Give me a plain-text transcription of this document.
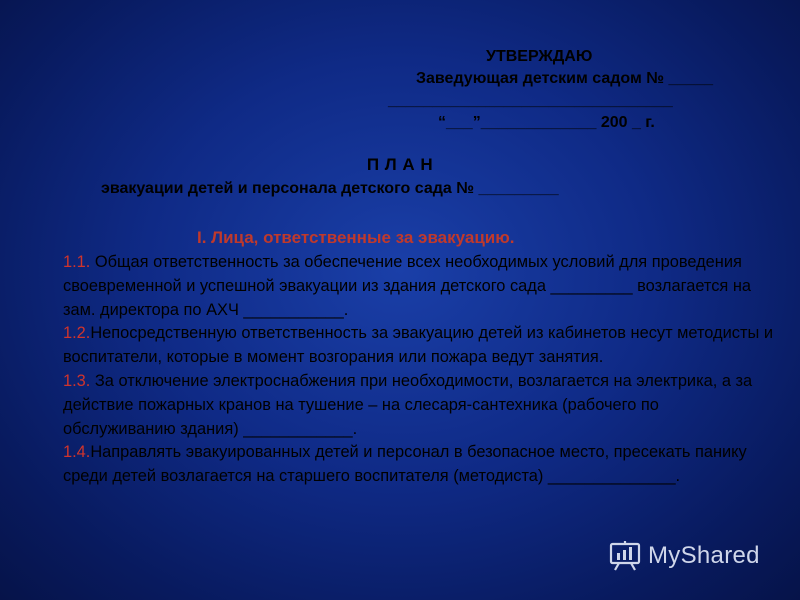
УТВЕРЖДАЮ
Заведующая детским садом № _____
________________________________
“___”_____________ 200 _ г.
П Л А Н
эвакуации детей и персонала детского сада № _________
I. Лица, ответственные за эвакуацию.

1.1. Общая ответственность за обеспечение всех необходимых условий для проведения своевременной и успешной эвакуации из здания детского сада _________ возлагается на зам. директора по АХЧ ___________.

1.2.Непосредственную ответственность за эвакуацию детей из кабинетов несут методисты и воспитатели, которые в момент возгорания или пожара ведут занятия.

1.3. За отключение электроснабжения при необходимости, возлагается на электрика, а за действие пожарных кранов на тушение – на слесаря-сантехника (рабочего по обслуживанию здания) ____________.

1.4.Направлять эвакуированных детей и персонал в безопасное место, пресекать панику среди детей возлагается на старшего воспитателя (методиста) ______________.

MyShared
